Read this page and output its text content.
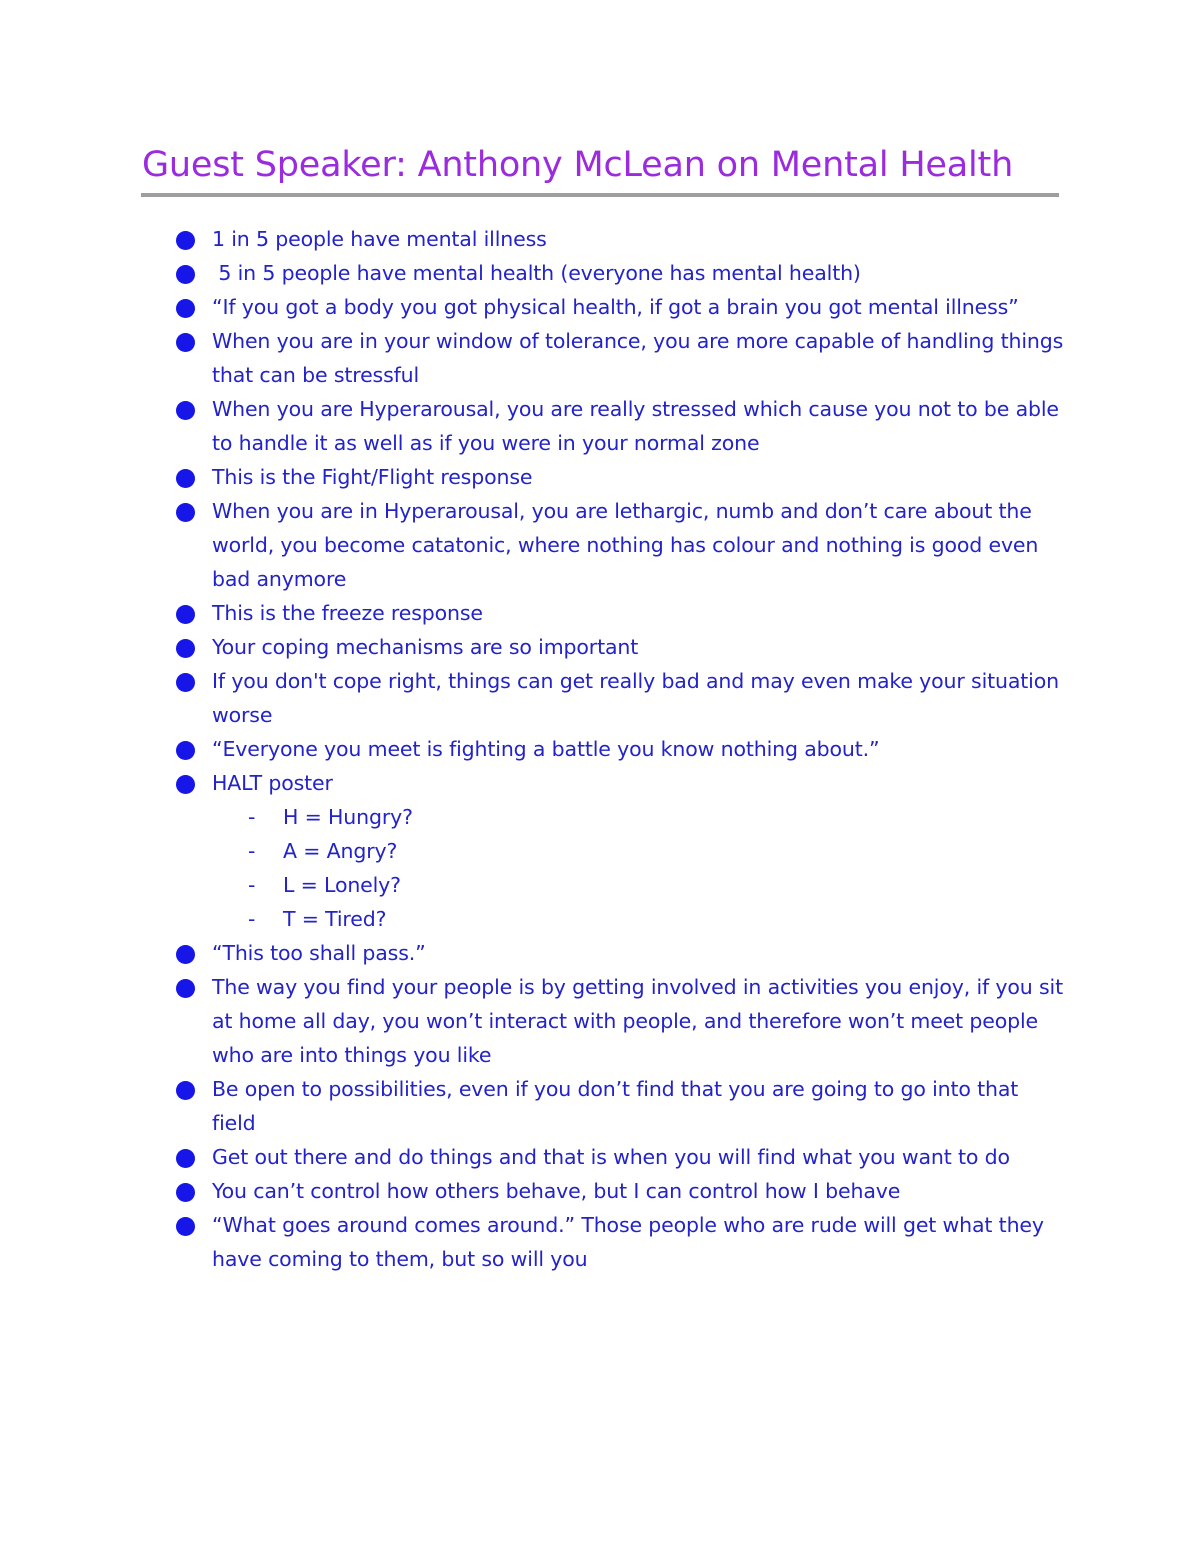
Guest Speaker: Anthony McLean on Mental Health
1 in 5 people have mental illness
5 in 5 people have mental health (everyone has mental health)
“If you got a body you got physical health, if got a brain you got mental illness”
When you are in your window of tolerance, you are more capable of handling things that can be stressful
When you are Hyperarousal, you are really stressed which cause you not to be able to handle it as well as if you were in your normal zone
This is the Fight/Flight response
When you are in Hyperarousal, you are lethargic, numb and don’t care about the world, you become catatonic, where nothing has colour and nothing is good even bad anymore
This is the freeze response
Your coping mechanisms are so important
If you don't cope right, things can get really bad and may even make your situation worse
“Everyone you meet is fighting a battle you know nothing about.”
HALT poster
- H = Hungry?
- A = Angry?
- L = Lonely?
- T = Tired?
“This too shall pass.”
The way you find your people is by getting involved in activities you enjoy, if you sit at home all day, you won’t interact with people, and therefore won’t meet people who are into things you like
Be open to possibilities, even if you don’t find that you are going to go into that field
Get out there and do things and that is when you will find what you want to do
You can’t control how others behave, but I can control how I behave
“What goes around comes around.” Those people who are rude will get what they have coming to them, but so will you
